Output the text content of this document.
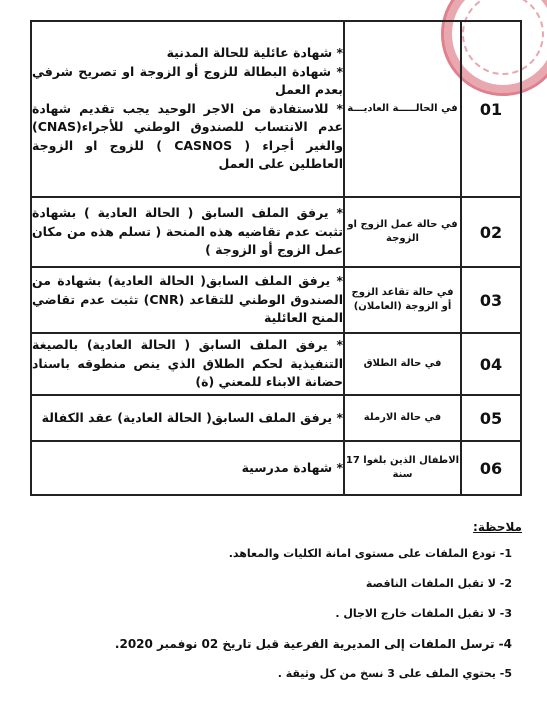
01	في الحالـــــة العاديـــة	* شهادة عائلية للحالة المدنية
* شهادة البطالة للزوج أو الزوجة او تصريح شرفي بعدم العمل
* للاستفادة من الاجر الوحيد يجب تقديم شهادة عدم الانتساب للصندوق الوطني للأجراء(CNAS) والغير أجراء ( CASNOS ) للزوج او الزوجة العاطلين على العمل

02	في حالة عمل الزوج او الزوجة	* يرفق الملف السابق ( الحالة العادية ) بشهادة تثبت عدم تقاضيه هذه المنحة ( تسلم هذه من مكان عمل الزوج أو الزوجة )

03	في حالة تقاعد الزوج أو الزوجة (العاملان)	* يرفق الملف السابق( الحالة العادية) بشهادة من الصندوق الوطني للتقاعد (CNR) تثبت عدم تقاضي المنح العائلية

04	في حالة الطلاق	* يرفق الملف السابق ( الحالة العادية) بالصيغة التنفيذية لحكم الطلاق الذي ينص منطوقه باسناد حضانة الابناء للمعني (ة)

05	في حالة الارملة	* يرفق الملف السابق( الحالة العادية) عقد الكفالة

06	الاطفال الذين بلغوا 17 سنة	* شهادة مدرسية
ملاحظة:
1- تودع الملفات على مستوى امانة الكليات والمعاهد.
2- لا تقبل الملفات الناقصة
3- لا تقبل الملفات خارج الاجال .
4- ترسل الملفات إلى المديرية الفرعية قبل تاريخ 02 نوفمبر 2020.
5- يحتوي الملف على 3 نسخ من كل وثيقة .
